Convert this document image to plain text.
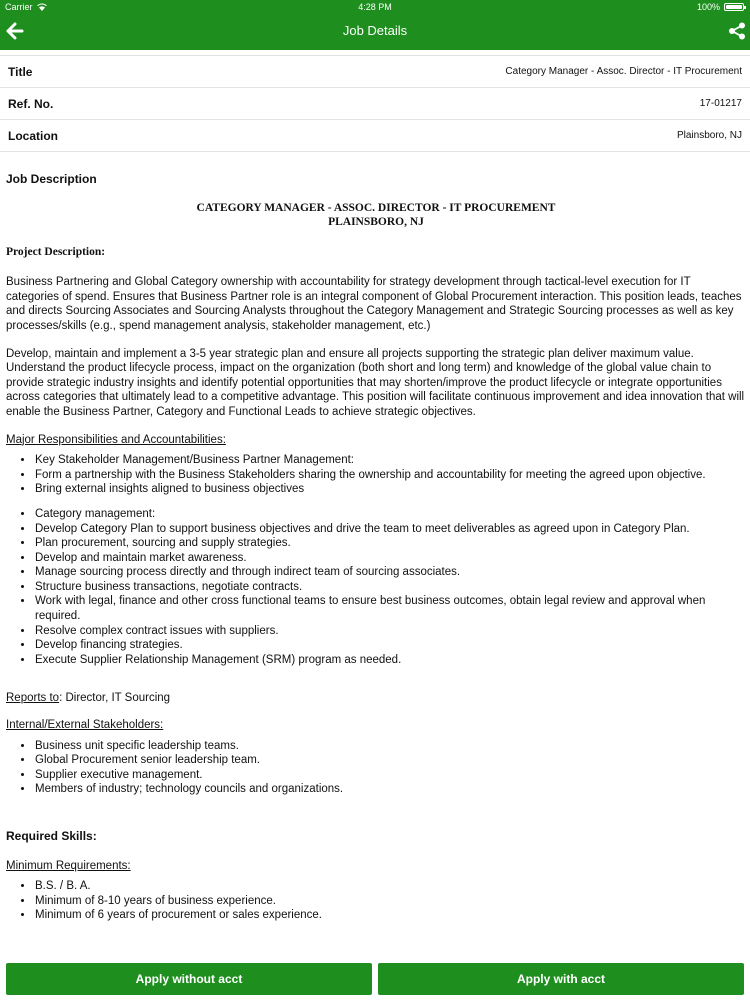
Carrier	4:28 PM	100%
Job Details
Title	Category Manager - Assoc. Director - IT Procurement
Ref. No.	17-01217
Location	Plainsboro, NJ
Job Description
CATEGORY MANAGER - ASSOC. DIRECTOR - IT PROCUREMENT
PLAINSBORO, NJ
Project Description:

Business Partnering and Global Category ownership with accountability for strategy development through tactical-level execution for IT categories of spend. Ensures that Business Partner role is an integral component of Global Procurement interaction. This position leads, teaches and directs Sourcing Associates and Sourcing Analysts throughout the Category Management and Strategic Sourcing processes as well as key processes/skills (e.g., spend management analysis, stakeholder management, etc.)

Develop, maintain and implement a 3-5 year strategic plan and ensure all projects supporting the strategic plan deliver maximum value. Understand the product lifecycle process, impact on the organization (both short and long term) and knowledge of the global value chain to provide strategic industry insights and identify potential opportunities that may shorten/improve the product lifecycle or integrate opportunities across categories that ultimately lead to a competitive advantage. This position will facilitate continuous improvement and idea innovation that will enable the Business Partner, Category and Functional Leads to achieve strategic objectives.

Major Responsibilities and Accountabilities:
• Key Stakeholder Management/Business Partner Management:
• Form a partnership with the Business Stakeholders sharing the ownership and accountability for meeting the agreed upon objective.
• Bring external insights aligned to business objectives
• Category management:
• Develop Category Plan to support business objectives and drive the team to meet deliverables as agreed upon in Category Plan.
• Plan procurement, sourcing and supply strategies.
• Develop and maintain market awareness.
• Manage sourcing process directly and through indirect team of sourcing associates.
• Structure business transactions, negotiate contracts.
• Work with legal, finance and other cross functional teams to ensure best business outcomes, obtain legal review and approval when required.
• Resolve complex contract issues with suppliers.
• Develop financing strategies.
• Execute Supplier Relationship Management (SRM) program as needed.
Reports to: Director, IT Sourcing
Internal/External Stakeholders:
• Business unit specific leadership teams.
• Global Procurement senior leadership team.
• Supplier executive management.
• Members of industry; technology councils and organizations.
Required Skills:
Minimum Requirements:
• B.S. / B. A.
• Minimum of 8-10 years of business experience.
• Minimum of 6 years of procurement or sales experience.
Apply without acct	Apply with acct
